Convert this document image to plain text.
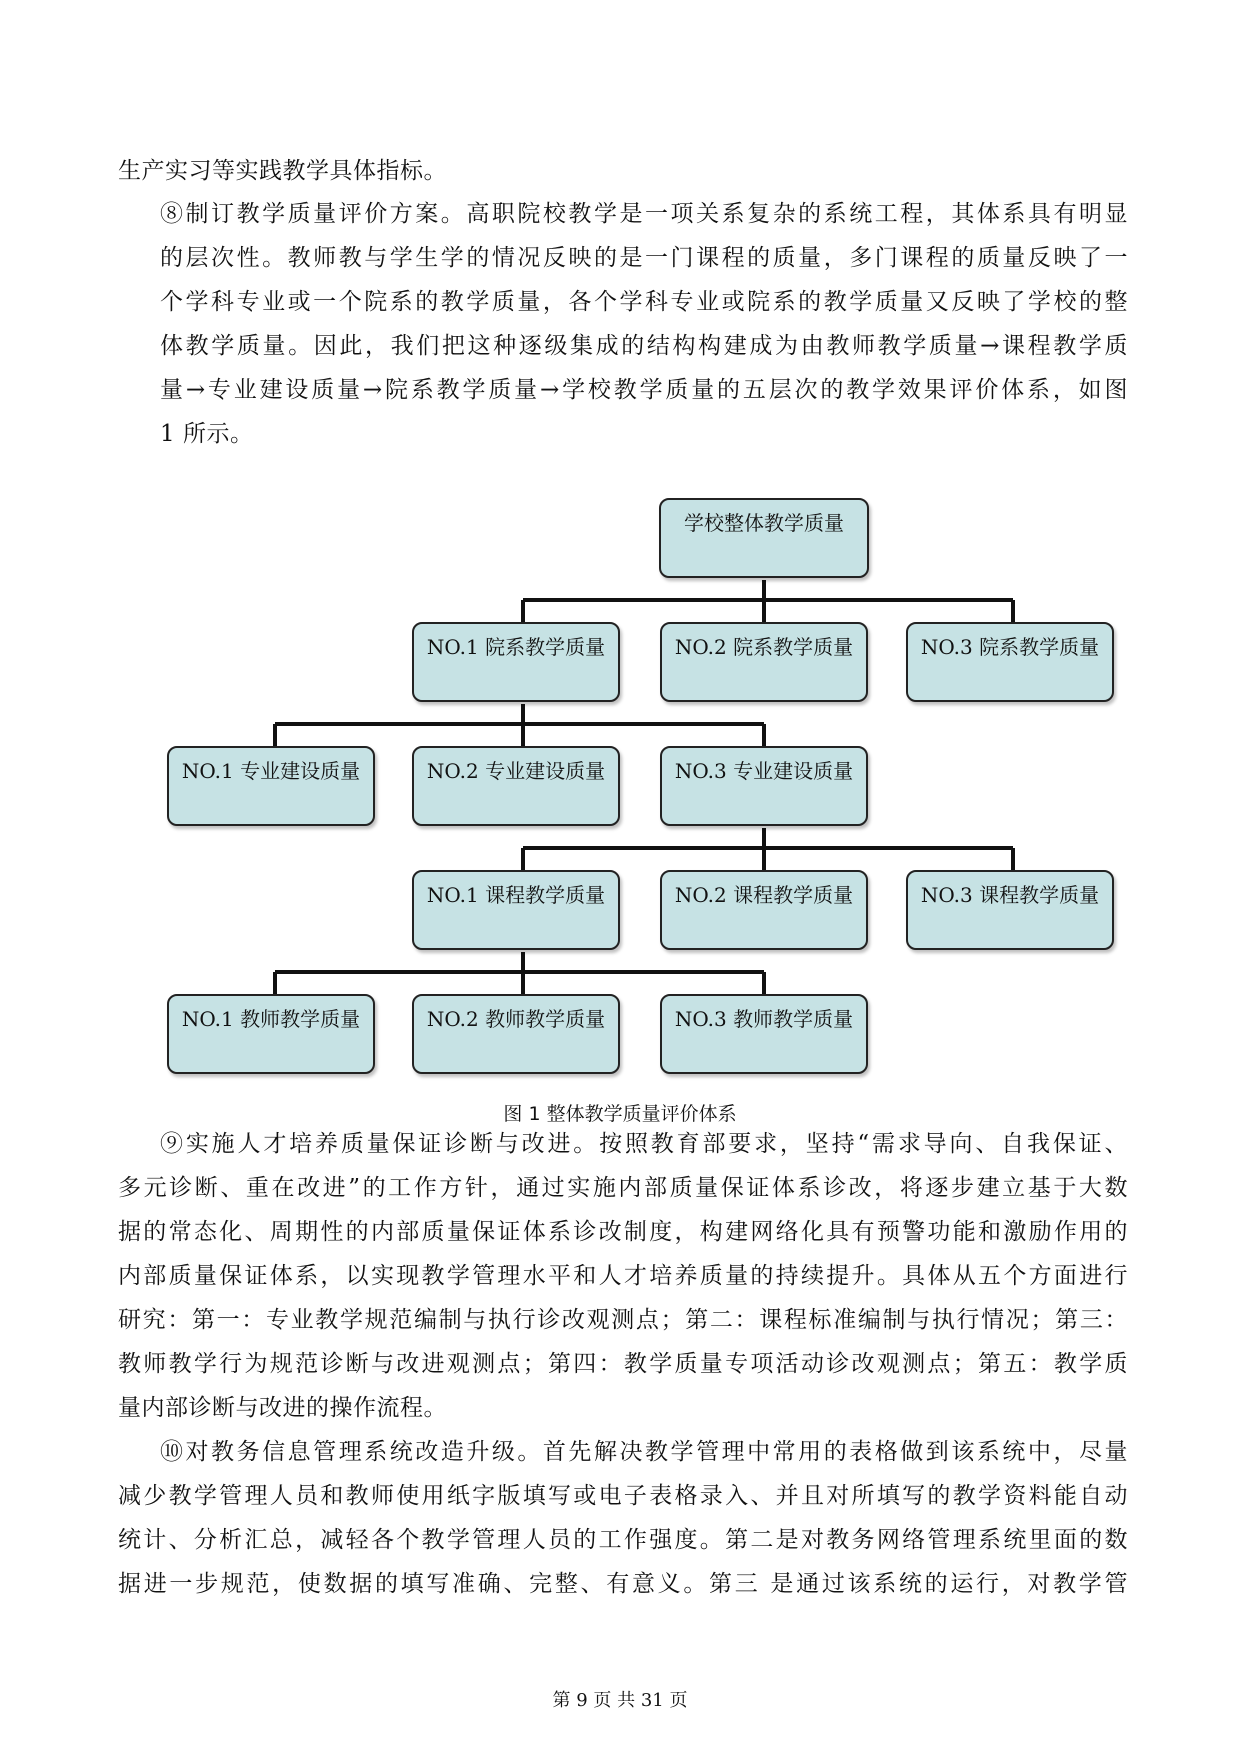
生产实习等实践教学具体指标。
⑧制订教学质量评价方案。高职院校教学是一项关系复杂的系统工程，其体系具有明显
的层次性。教师教与学生学的情况反映的是一门课程的质量，多门课程的质量反映了一
个学科专业或一个院系的教学质量，各个学科专业或院系的教学质量又反映了学校的整
体教学质量。因此，我们把这种逐级集成的结构构建成为由教师教学质量→课程教学质
量→专业建设质量→院系教学质量→学校教学质量的五层次的教学效果评价体系，如图
1 所示。
学校整体教学质量
NO.1 院系教学质量	NO.2 院系教学质量	NO.3 院系教学质量
NO.1 专业建设质量	NO.2 专业建设质量	NO.3 专业建设质量
NO.1 课程教学质量	NO.2 课程教学质量	NO.3 课程教学质量
NO.1 教师教学质量	NO.2 教师教学质量	NO.3 教师教学质量
图 1 整体教学质量评价体系
⑨实施人才培养质量保证诊断与改进。按照教育部要求，坚持“需求导向、自我保证、
多元诊断、重在改进”的工作方针，通过实施内部质量保证体系诊改，将逐步建立基于大数
据的常态化、周期性的内部质量保证体系诊改制度，构建网络化具有预警功能和激励作用的
内部质量保证体系，以实现教学管理水平和人才培养质量的持续提升。具体从五个方面进行
研究：第一：专业教学规范编制与执行诊改观测点；第二：课程标准编制与执行情况；第三：
教师教学行为规范诊断与改进观测点；第四：教学质量专项活动诊改观测点；第五：教学质
量内部诊断与改进的操作流程。
⑩对教务信息管理系统改造升级。首先解决教学管理中常用的表格做到该系统中，尽量
减少教学管理人员和教师使用纸字版填写或电子表格录入、并且对所填写的教学资料能自动
统计、分析汇总，减轻各个教学管理人员的工作强度。第二是对教务网络管理系统里面的数
据进一步规范，使数据的填写准确、完整、有意义。第三 是通过该系统的运行，对教学管
第 9 页 共 31 页
